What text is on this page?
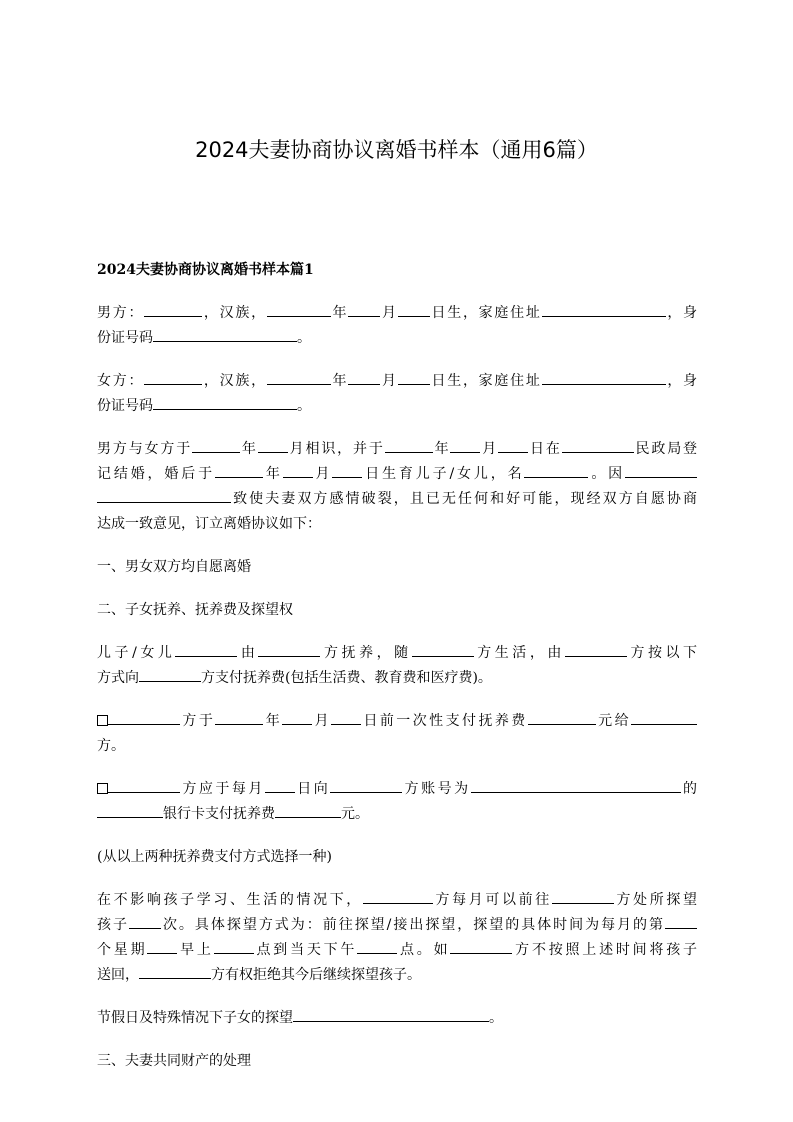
2024夫妻协商协议离婚书样本（通用6篇）
2024夫妻协商协议离婚书样本篇1

男方：	，汉族，	年 月 日生，家庭住址	，身
份证号码	。

女方：	，汉族，	年 月 日生，家庭住址	，身
份证号码	。

男方与女方于	年 月相识，并于	年 月 日在	民政局登
记结婚，婚后于	年 月 日生育儿子/女儿，名	。因
致使夫妻双方感情破裂，且已无任何和好可能，现经双方自愿协商
达成一致意见，订立离婚协议如下：

一、男女双方均自愿离婚

二、子女抚养、抚养费及探望权

儿子/女儿	由	方抚养，随	方生活，由	方按以下
方式向	方支付抚养费(包括生活费、教育费和医疗费)。

方于	年 月 日前一次性支付抚养费	元给
方。

方应于每月 日向	方账号为	的
银行卡支付抚养费	元。

(从以上两种抚养费支付方式选择一种)

在不影响孩子学习、生活的情况下，	方每月可以前往	方处所探望
孩子 次。具体探望方式为：前往探望/接出探望，探望的具体时间为每月的第
个星期 早上	点到当天下午	点。如	方不按照上述时间将孩子
送回，	方有权拒绝其今后继续探望孩子。

节假日及特殊情况下子女的探望	。

三、夫妻共同财产的处理
